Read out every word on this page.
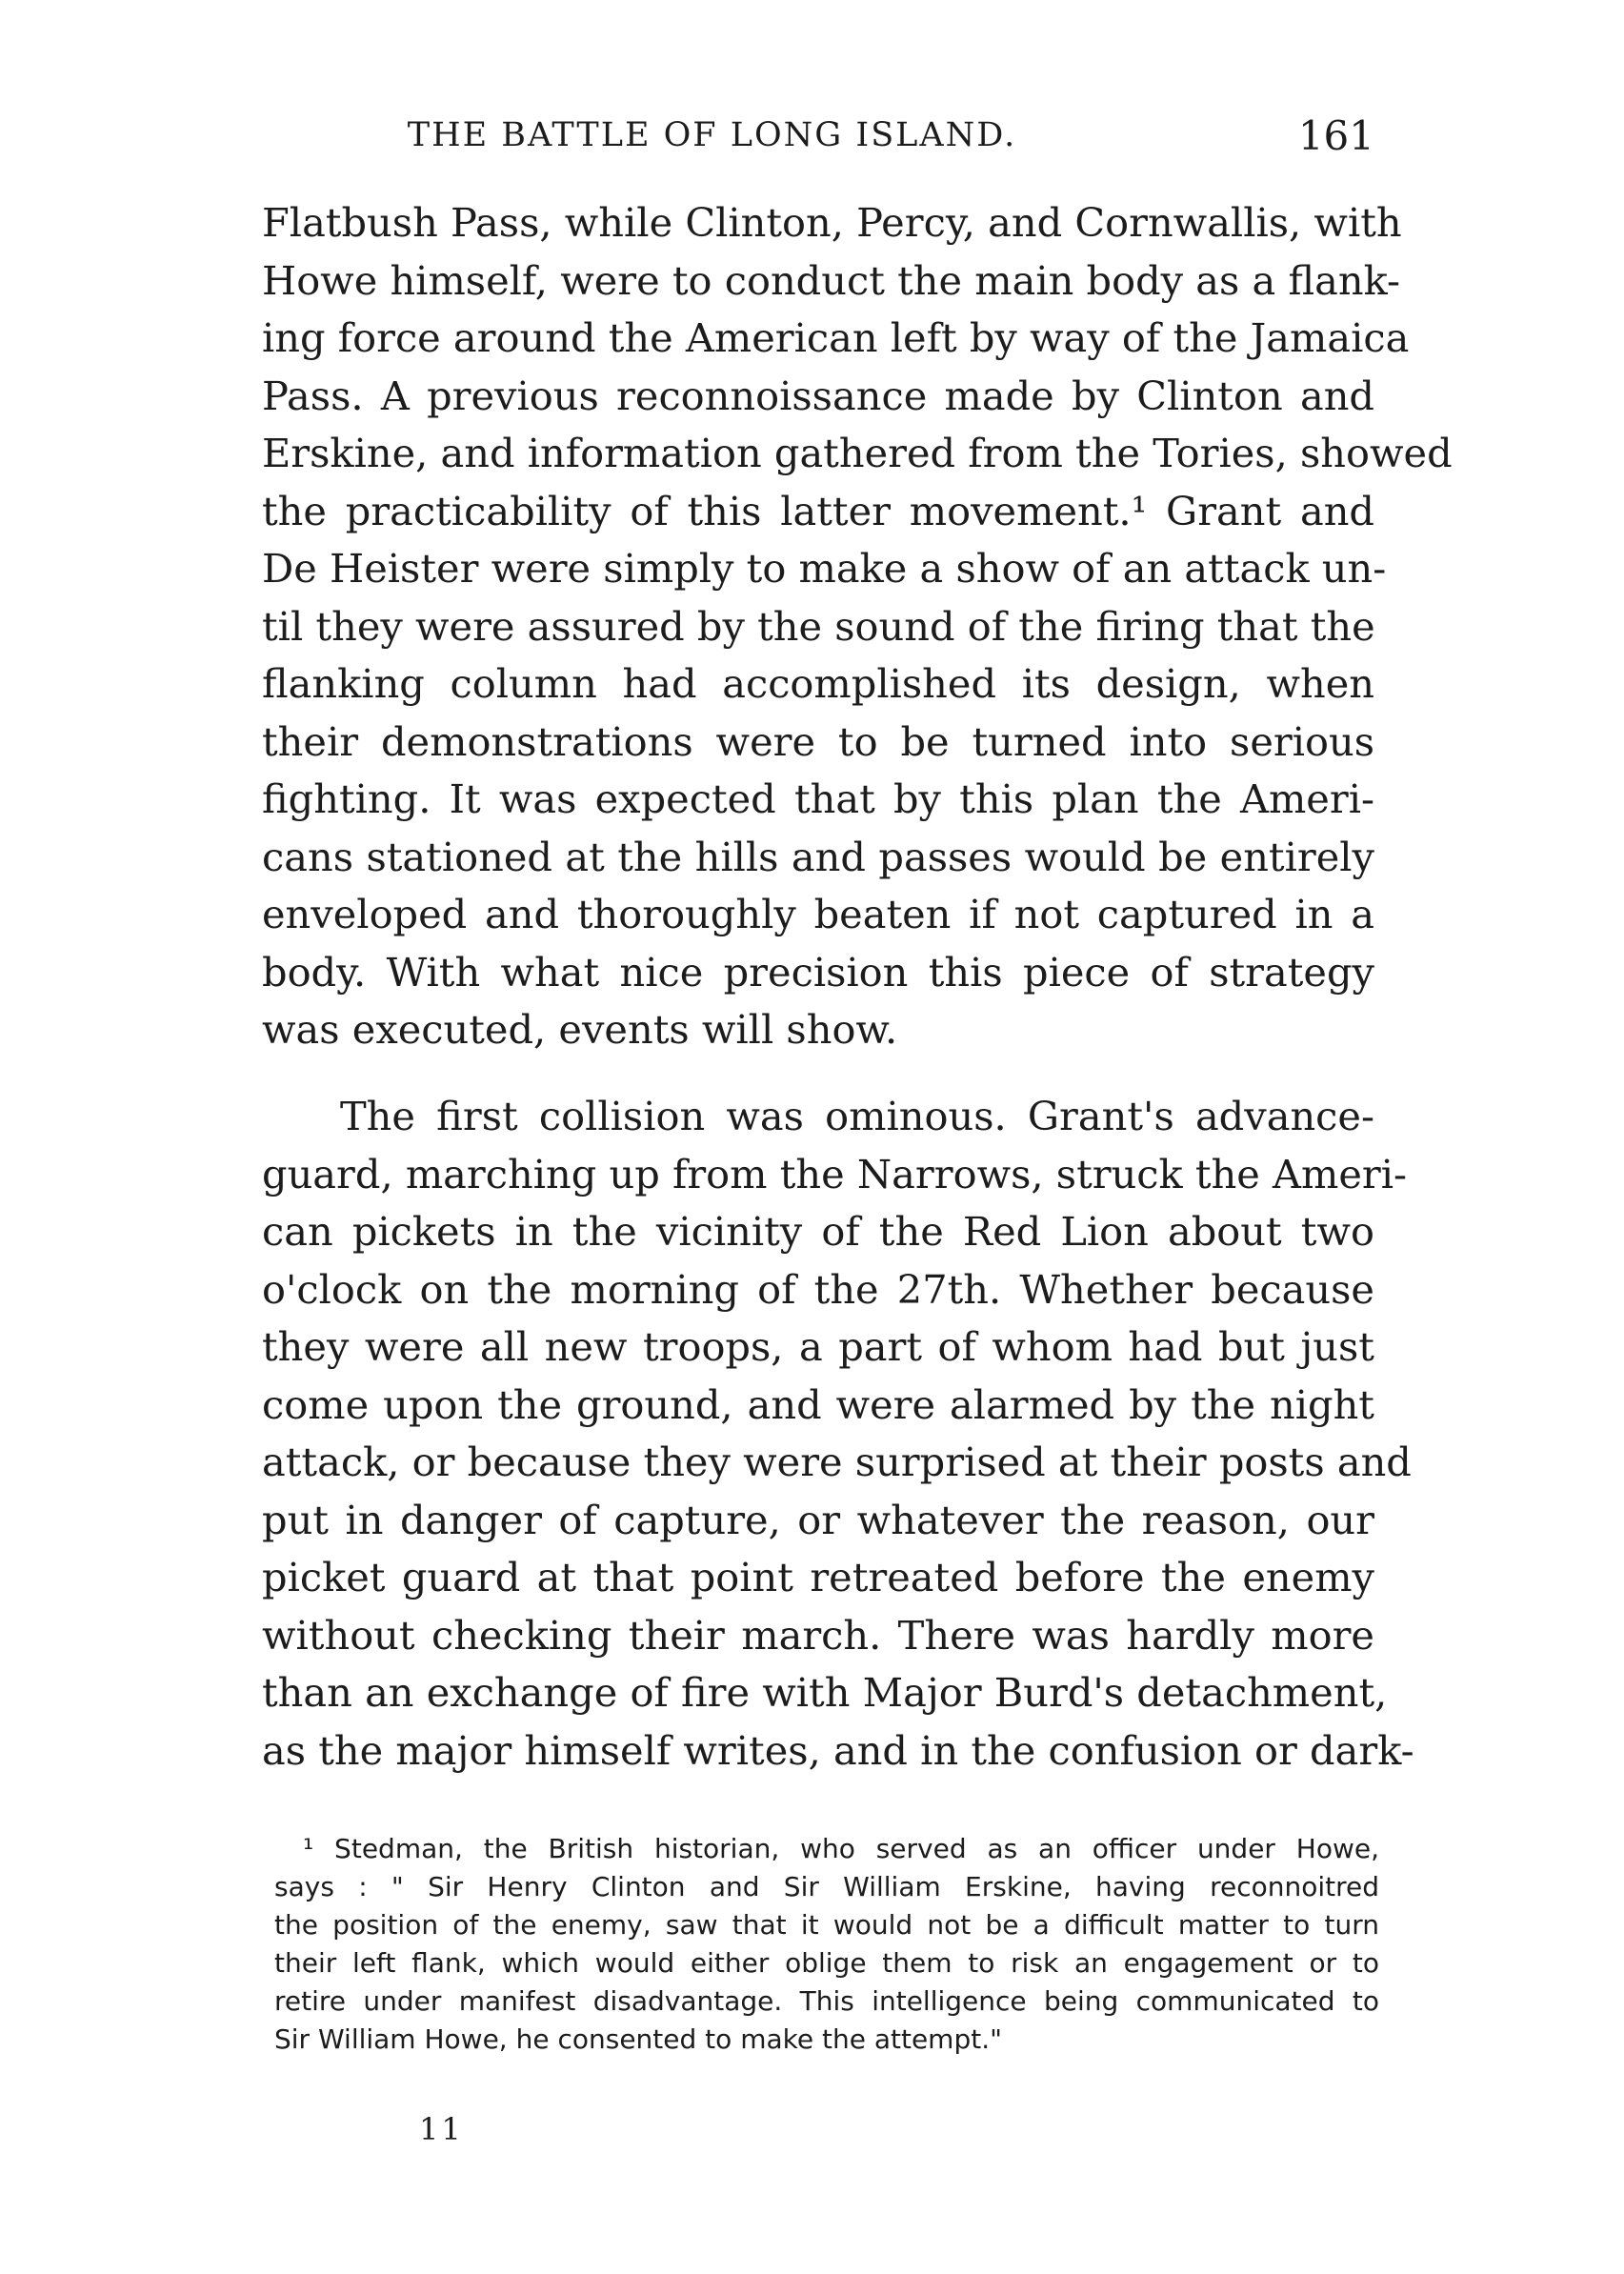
THE BATTLE OF LONG ISLAND.	161
Flatbush Pass, while Clinton, Percy, and Cornwallis, with
Howe himself, were to conduct the main body as a flank-
ing force around the American left by way of the Jamaica
Pass. A previous reconnoissance made by Clinton and
Erskine, and information gathered from the Tories, showed
the practicability of this latter movement.¹ Grant and
De Heister were simply to make a show of an attack un-
til they were assured by the sound of the firing that the
flanking column had accomplished its design, when
their demonstrations were to be turned into serious
fighting. It was expected that by this plan the Ameri-
cans stationed at the hills and passes would be entirely
enveloped and thoroughly beaten if not captured in a
body. With what nice precision this piece of strategy
was executed, events will show.
The first collision was ominous. Grant's advance-
guard, marching up from the Narrows, struck the Ameri-
can pickets in the vicinity of the Red Lion about two
o'clock on the morning of the 27th. Whether because
they were all new troops, a part of whom had but just
come upon the ground, and were alarmed by the night
attack, or because they were surprised at their posts and
put in danger of capture, or whatever the reason, our
picket guard at that point retreated before the enemy
without checking their march. There was hardly more
than an exchange of fire with Major Burd's detachment,
as the major himself writes, and in the confusion or dark-
¹ Stedman, the British historian, who served as an officer under Howe,
says : " Sir Henry Clinton and Sir William Erskine, having reconnoitred
the position of the enemy, saw that it would not be a difficult matter to turn
their left flank, which would either oblige them to risk an engagement or to
retire under manifest disadvantage. This intelligence being communicated to
Sir William Howe, he consented to make the attempt."
11
